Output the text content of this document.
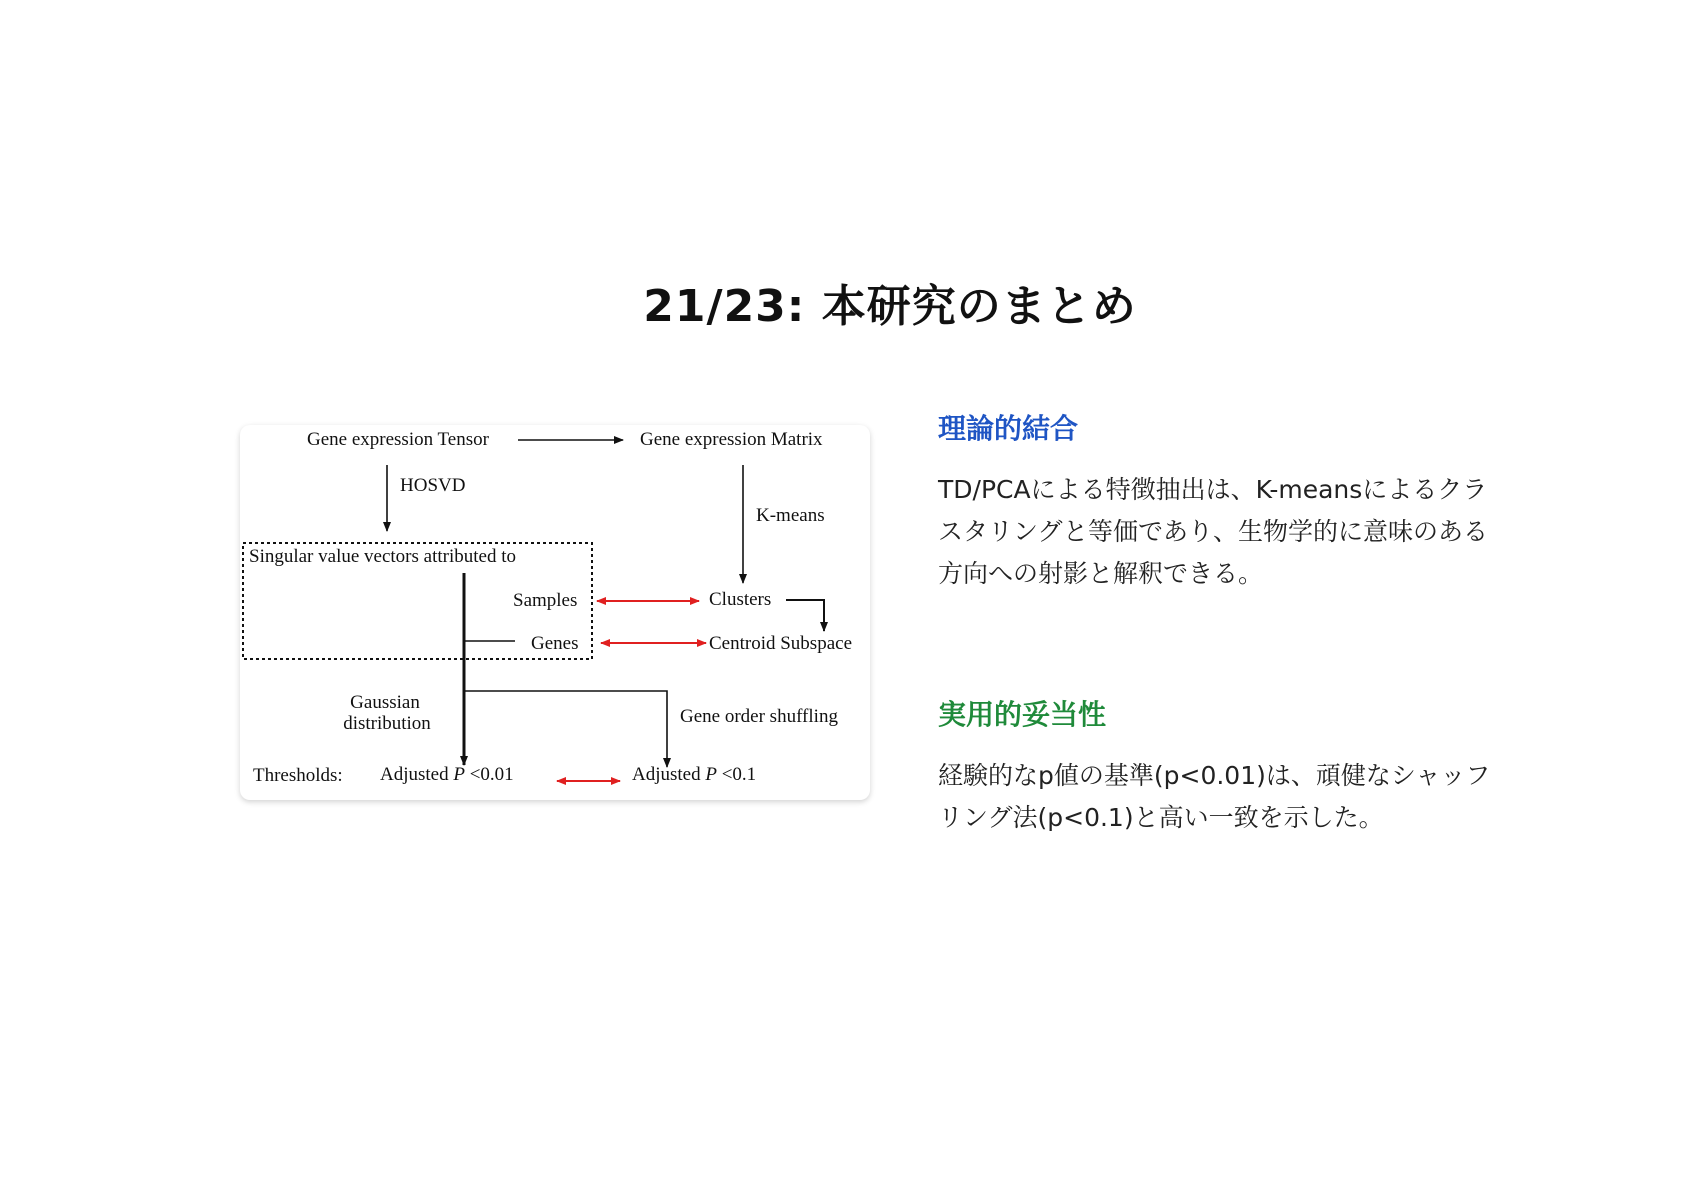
21/23: 本研究のまとめ
Gene expression Tensor	Gene expression Matrix
HOSVD
K-means
Singular value vectors attributed to
Samples
Genes
Clusters
Centroid Subspace
Gene order shuffling
Gaussian
distribution
Thresholds: Adjusted P <0.01	Adjusted P <0.1
理論的結合

TD/PCAによる特徴抽出は、K-meansによるクラスタリングと等価であり、生物学的に意味のある方向への射影と解釈できる。

実用的妥当性

経験的なp値の基準(p<0.01)は、頑健なシャッフリング法(p<0.1)と高い一致を示した。
